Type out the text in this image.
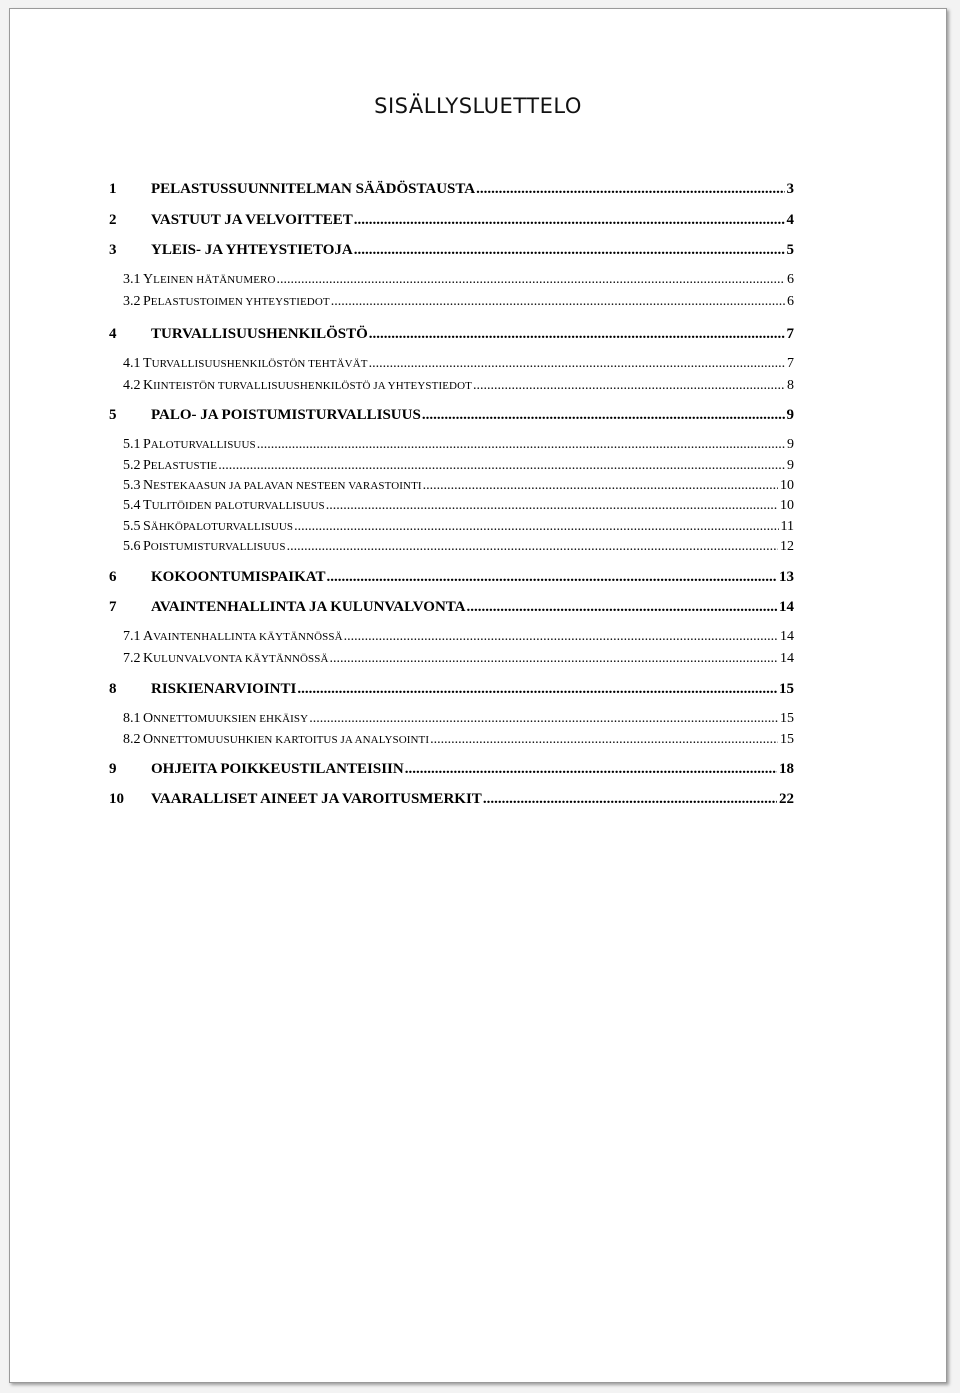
SISÄLLYSLUETTELO
1	PELASTUSSUUNNITELMAN SÄÄDÖSTAUSTA .....	3
2	VASTUUT JA VELVOITTEET .....	4
3	YLEIS- JA YHTEYSTIETOJA .....	5
3.1 YLEINEN HÄTÄNUMERO .....	6
3.2 PELASTUSTOIMEN YHTEYSTIEDOT .....	6
4	TURVALLISUUSHENKILÖSTÖ .....	7
4.1 TURVALLISUUSHENKILÖSTÖN TEHTÄVÄT .....	7
4.2 KIINTEISTÖN TURVALLISUUSHENKILÖSTÖ JA YHTEYSTIEDOT .....	8
5	PALO- JA POISTUMISTURVALLISUUS .....	9
5.1 PALOTURVALLISUUS .....	9
5.2 PELASTUSTIE .....	9
5.3 NESTEKAASUN JA PALAVAN NESTEEN VARASTOINTI .....	10
5.4 TULITÖIDEN PALOTURVALLISUUS .....	10
5.5 SÄHKÖPALOTURVALLISUUS .....	11
5.6 POISTUMISTURVALLISUUS .....	12
6	KOKOONTUMISPAIKAT .....	13
7	AVAINTENHALLINTA JA KULUNVALVONTA .....	14
7.1 AVAINTENHALLINTA KÄYTÄNNÖSSÄ .....	14
7.2 KULUNVALVONTA KÄYTÄNNÖSSÄ .....	14
8	RISKIENARVIOINTI .....	15
8.1 ONNETTOMUUKSIEN EHKÄISY .....	15
8.2 ONNETTOMUUSUHKIEN KARTOITUS JA ANALYSOINTI .....	15
9	OHJEITA POIKKEUSTILANTEISIIN .....	18
10	VAARALLISET AINEET JA VAROITUSMERKIT .....	22
